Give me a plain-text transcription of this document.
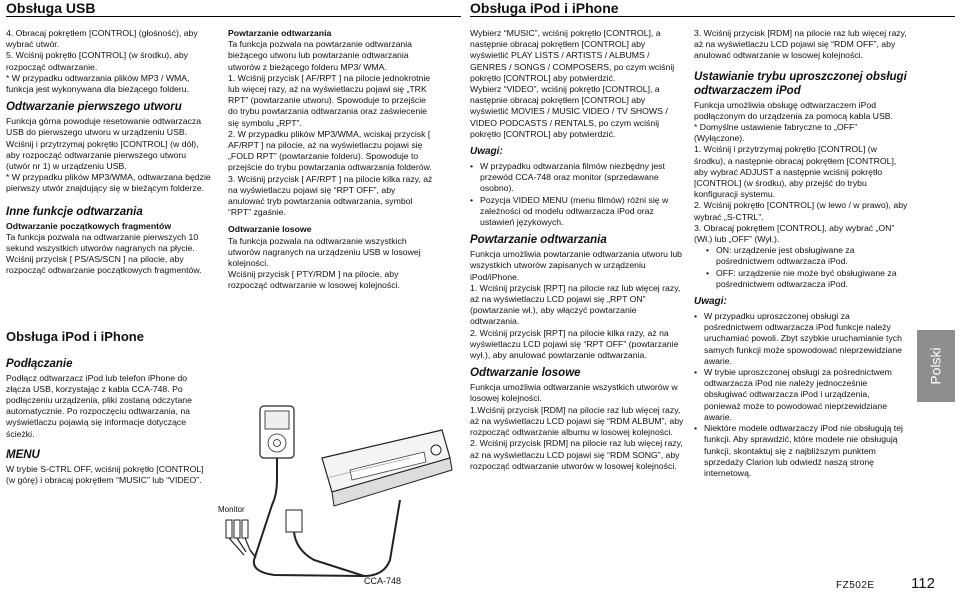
Obsługa USB	Obsługa iPod i iPhone

4. Obracaj pokrętłem [CONTROL] (głośność), aby wybrać utwór.

5. Wciśnij pokrętło [CONTROL] (w środku), aby rozpocząć odtwarzanie.

* W przypadku odtwarzania plików MP3 / WMA, funkcja jest wykonywana dla bieżącego folderu.

Odtwarzanie pierwszego utworu

Funkcja górna powoduje resetowanie odtwarzacza USB do pierwszego utworu w urządzeniu USB. Wciśnij i przytrzymaj pokrętło [CONTROL] (w dół), aby rozpocząć odtwarzanie pierwszego utworu (utwór nr 1) w urządzeniu USB.

* W przypadku plików MP3/WMA, odtwarzana będzie pierwszy utwór znajdujący się w bieżącym folderze.

Inne funkcje odtwarzania

Odtwarzanie początkowych fragmentów

Ta funkcja pozwala na odtwarzanie pierwszych 10 sekund wszystkich utworów nagranych na płycie.

Wciśnij przycisk [ PS/AS/SCN ] na pilocie, aby rozpocząć odtwarzanie początkowych fragmentów.

Obsługa iPod i iPhone
Podłączanie

Podłącz odtwarzacz iPod lub telefon iPhone do złącza USB, korzystając z kabla CCA-748. Po podłączeniu urządzenia, pliki zostaną odczytane automatycznie. Po rozpoczęciu odtwarzania, na wyświetlaczu pojawią się informacje dotyczące ścieżki.

MENU

W trybie S-CTRL OFF, wciśnij pokrętło [CONTROL] (w górę) i obracaj pokrętłem “MUSIC” lub “VIDEO”.

Powtarzanie odtwarzania

Ta funkcja pozwala na powtarzanie odtwarzania bieżącego utworu lub powtarzanie odtwarzania utworów z bieżącego folderu MP3/ WMA.

1. Wciśnij przycisk [ AF/RPT ] na pilocie jednokrotnie lub więcej razy, aż na wyświetlaczu pojawi się „TRK RPT” (powtarzanie utworu). Spowoduje to przejście do trybu powtarzania odtwarzania oraz zaświecenie się symbolu „RPT”.

2. W przypadku plików MP3/WMA, wciskaj przycisk [ AF/RPT ] na pilocie, aż na wyświetlaczu pojawi się „FOLD RPT” (powtarzanie folderu). Spowoduje to przejście do trybu powtarzania odtwarzania folderów.

3. Wciśnij przycisk [ AF/RPT ] na pilocie kilka razy, aż na wyświetlaczu pojawi się “RPT OFF”, aby anulować tryb powtarzania odtwarzania, symbol “RPT” zgaśnie.

Odtwarzanie losowe

Ta funkcja pozwala na odtwarzanie wszystkich utworów nagranych na urządzeniu USB w losowej kolejności.

Wciśnij przycisk [ PTY/RDM ] na pilocie, aby rozpocząć odtwarzanie w losowej kolejności.

Monitor
CCA-748

Wybierz “MUSIC”, wciśnij pokrętło [CONTROL], a następnie obracaj pokrętłem [CONTROL] aby wyświetlić PLAY LISTS / ARTISTS / ALBUMS / GENRES / SONGS / COMPOSERS, po czym wciśnij pokrętło [CONTROL] aby potwierdzić.

Wybierz “VIDEO”, wciśnij pokrętło [CONTROL], a następnie obracaj pokrętłem [CONTROL] aby wyświetlić MOVIES / MUSIC VIDEO / TV SHOWS / VIDEO PODCASTS / RENTALS, po czym wciśnij pokrętło [CONTROL] aby potwierdzić.

Uwagi:
• W przypadku odtwarzania filmów niezbędny jest przewód CCA-748 oraz monitor (sprzedawane osobno).
• Pozycja VIDEO MENU (menu filmów) różni się w zależności od modelu odtwarzacza iPod oraz ustawień językowych.
Powtarzanie odtwarzania

Funkcja umożliwia powtarzanie odtwarzania utworu lub wszystkich utworów zapisanych w urządzeniu iPod/iPhone.

1. Wciśnij przycisk [RPT] na pilocie raz lub więcej razy, aż na wyświetlaczu LCD pojawi się „RPT ON” (powtarzanie wł.), aby włączyć powtarzanie odtwarzania.

2. Wciśnij przycisk [RPT] na pilocie kilka razy, aż na wyświetlaczu LCD pojawi się “RPT OFF” (powtarzanie wył.), aby anulować powtarzanie odtwarzania.

Odtwarzanie losowe

Funkcja umożliwia odtwarzanie wszystkich utworów w losowej kolejności.

1.Wciśnij przycisk [RDM] na pilocie raz lub więcej razy, aż na wyświetlaczu LCD pojawi się “RDM ALBUM”, aby rozpocząć odtwarzanie albumu w losowej kolejności.

2. Wciśnij przycisk [RDM] na pilocie raz lub więcej razy, aż na wyświetlaczu LCD pojawi się “RDM SONG”, aby rozpocząć odtwarzanie utworów w losowej kolejności.

3. Wciśnij przycisk [RDM] na pilocie raz lub więcej razy, aż na wyświetlaczu LCD pojawi się “RDM OFF”, aby anulować odtwarzanie w losowej kolejności.

Ustawianie trybu uproszczonej obsługi odtwarzaczem iPod

Funkcja umożliwia obsługę odtwarzaczem iPod podłączonym do urządzenia za pomocą kabla USB.

* Domyślne ustawienie fabryczne to „OFF” (Wyłączone).

1. Wciśnij i przytrzymaj pokrętło [CONTROL] (w środku), a następnie obracaj pokrętłem [CONTROL], aby wybrać ADJUST a następnie wciśnij pokrętło [CONTROL] (w środku), aby przejść do trybu konfiguracji systemu.

2. Wciśnij pokrętło [CONTROL] (w lewo / w prawo), aby wybrać „S-CTRL”.

3. Obracaj pokrętłem [CONTROL], aby wybrać „ON” (Wł.) lub „OFF” (Wył.).

• ON: urządzenie jest obsługiwane za pośrednictwem odtwarzacza iPod.
• OFF: urządzenie nie może być obsługiwane za pośrednictwem odtwarzacza iPod.
Uwagi:
• W przypadku uproszczonej obsługi za pośrednictwem odtwarzacza iPod funkcje należy uruchamiać powoli. Zbyt szybkie uruchamianie tych samych funkcji może spowodować nieprzewidziane awarie.
• W trybie uproszczonej obsługi za pośrednictwem odtwarzacza iPod nie należy jednocześnie obsługiwać odtwarzacza iPod i urządzenia, ponieważ może to powodować nieprzewidziane awarie.
• Niektóre modele odtwarzaczy iPod nie obsługują tej funkcji. Aby sprawdzić, które modele nie obsługują funkcji, skontaktuj się z najbliższym punktem sprzedaży Clarion lub odwiedź naszą stronę internetową.
Polski
FZ502E 112
